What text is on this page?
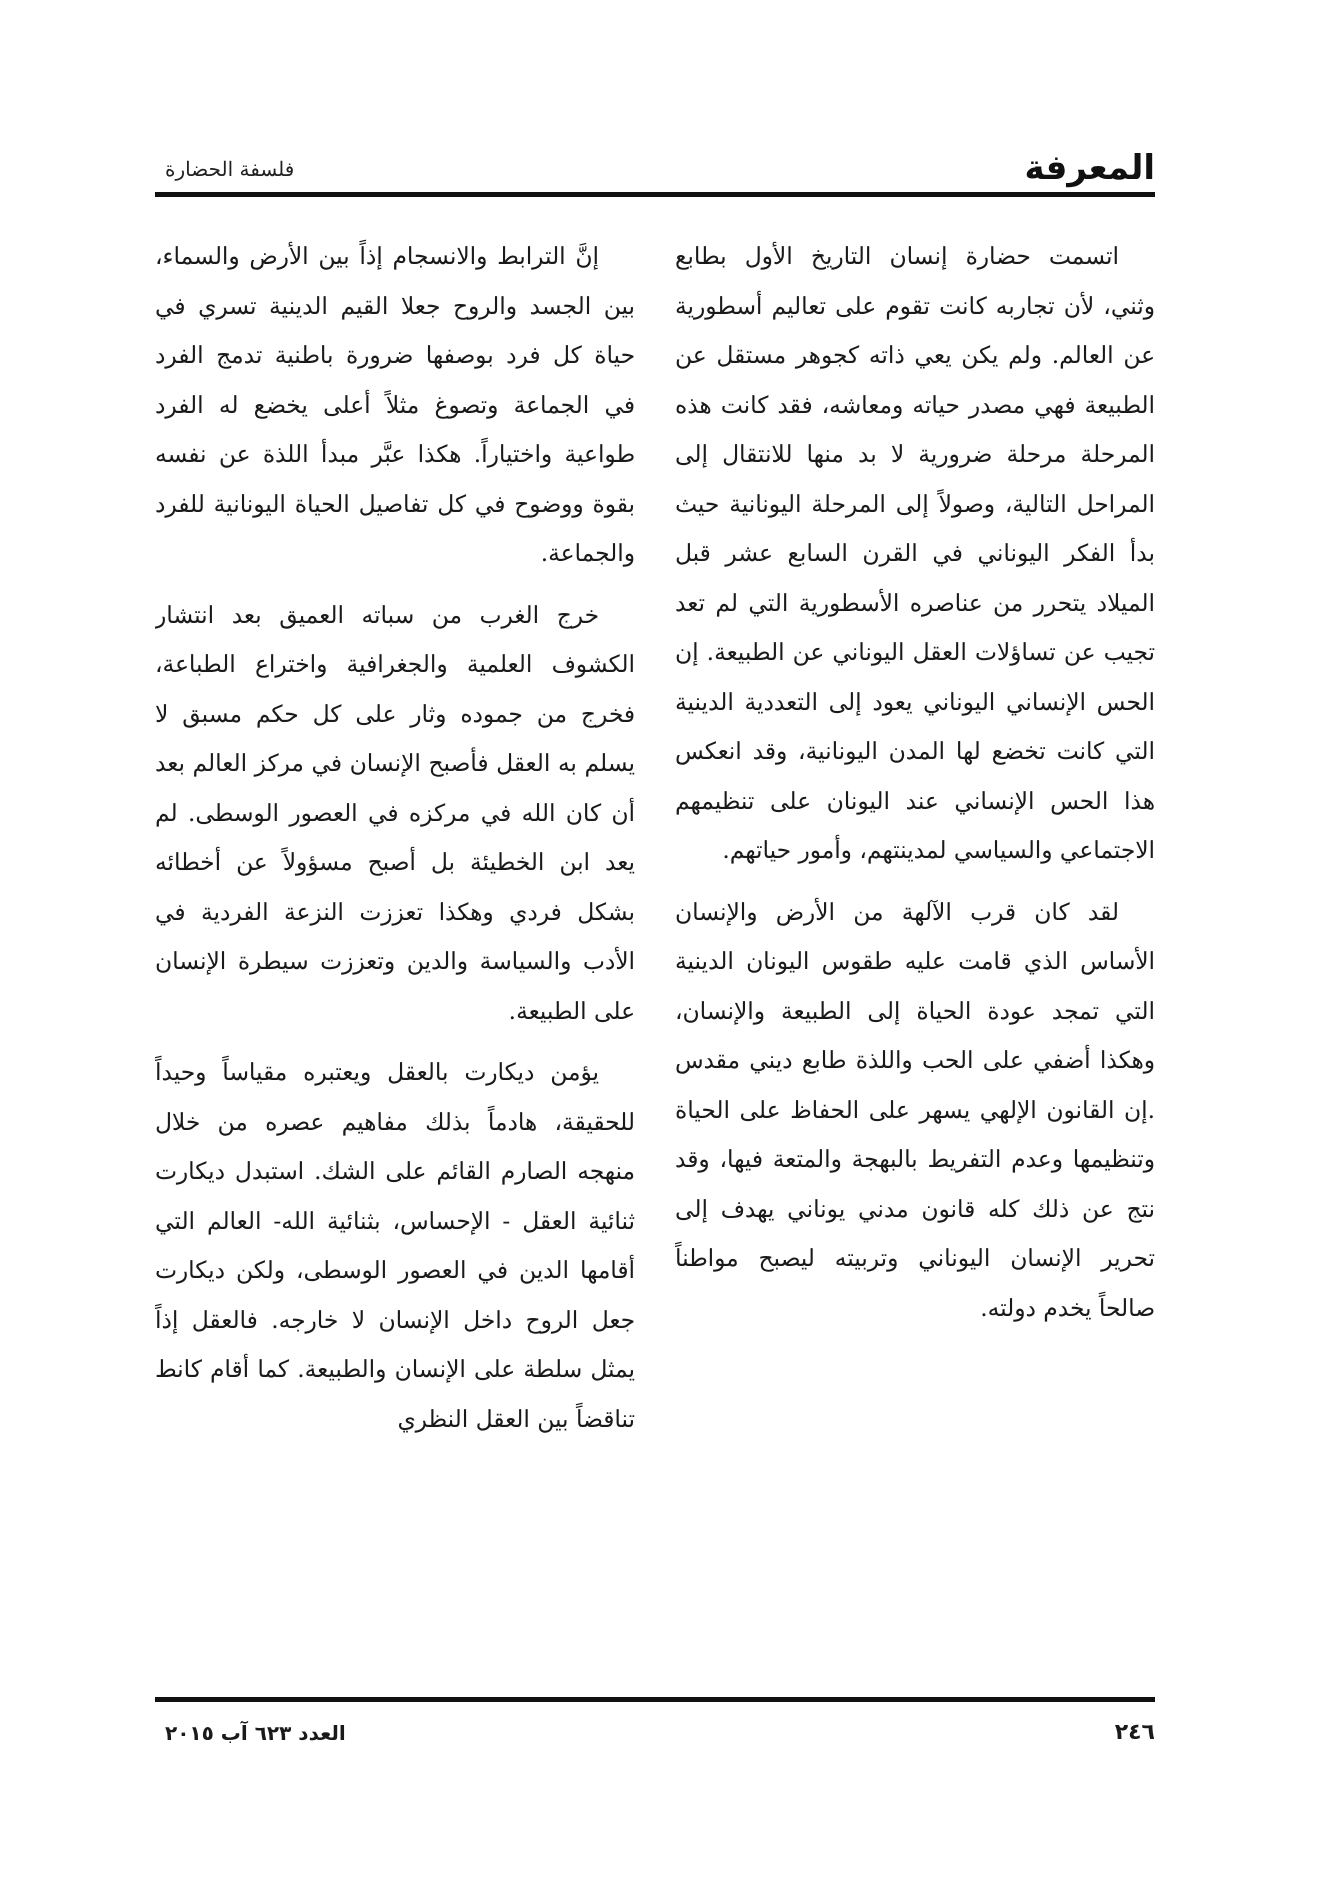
المعرفة
فلسفة الحضارة

اتسمت حضارة إنسان التاريخ الأول بطابع وثني، لأن تجاربه كانت تقوم على تعاليم أسطورية عن العالم. ولم يكن يعي ذاته كجوهر مستقل عن الطبيعة فهي مصدر حياته ومعاشه، فقد كانت هذه المرحلة مرحلة ضرورية لا بد منها للانتقال إلى المراحل التالية، وصولاً إلى المرحلة اليونانية حيث بدأ الفكر اليوناني في القرن السابع عشر قبل الميلاد يتحرر من عناصره الأسطورية التي لم تعد تجيب عن تساؤلات العقل اليوناني عن الطبيعة. إن الحس الإنساني اليوناني يعود إلى التعددية الدينية التي كانت تخضع لها المدن اليونانية، وقد انعكس هذا الحس الإنساني عند اليونان على تنظيمهم الاجتماعي والسياسي لمدينتهم، وأمور حياتهم.

لقد كان قرب الآلهة من الأرض والإنسان الأساس الذي قامت عليه طقوس اليونان الدينية التي تمجد عودة الحياة إلى الطبيعة والإنسان، وهكذا أضفي على الحب واللذة طابع ديني مقدس .إن القانون الإلهي يسهر على الحفاظ على الحياة وتنظيمها وعدم التفريط بالبهجة والمتعة فيها، وقد نتج عن ذلك كله قانون مدني يوناني يهدف إلى تحرير الإنسان اليوناني وتربيته ليصبح مواطناً صالحاً يخدم دولته.

إنَّ الترابط والانسجام إذاً بين الأرض والسماء، بين الجسد والروح جعلا القيم الدينية تسري في حياة كل فرد بوصفها ضرورة باطنية تدمج الفرد في الجماعة وتصوغ مثلاً أعلى يخضع له الفرد طواعية واختياراً. هكذا عبَّر مبدأ اللذة عن نفسه بقوة ووضوح في كل تفاصيل الحياة اليونانية للفرد والجماعة.

خرج الغرب من سباته العميق بعد انتشار الكشوف العلمية والجغرافية واختراع الطباعة، فخرج من جموده وثار على كل حكم مسبق لا يسلم به العقل فأصبح الإنسان في مركز العالم بعد أن كان الله في مركزه في العصور الوسطى. لم يعد ابن الخطيئة بل أصبح مسؤولاً عن أخطائه بشكل فردي وهكذا تعززت النزعة الفردية في الأدب والسياسة والدين وتعززت سيطرة الإنسان على الطبيعة.

يؤمن ديكارت بالعقل ويعتبره مقياساً وحيداً للحقيقة، هادماً بذلك مفاهيم عصره من خلال منهجه الصارم القائم على الشك. استبدل ديكارت ثنائية العقل - الإحساس، بثنائية الله- العالم التي أقامها الدين في العصور الوسطى، ولكن ديكارت جعل الروح داخل الإنسان لا خارجه. فالعقل إذاً يمثل سلطة على الإنسان والطبيعة. كما أقام كانط تناقضاً بين العقل النظري

٢٤٦
العدد ٦٢٣ آب ٢٠١٥
